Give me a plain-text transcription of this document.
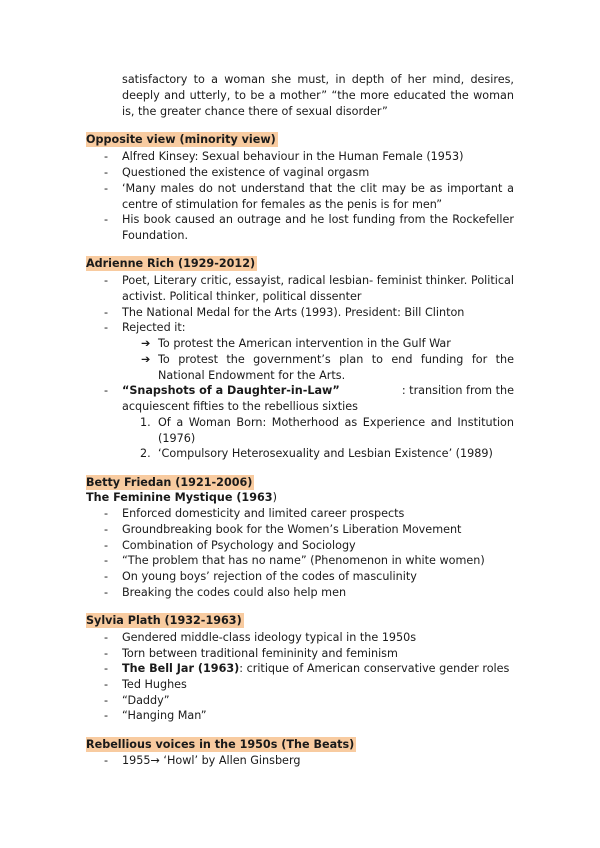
satisfactory to a woman she must, in depth of her mind, desires,
deeply and utterly, to be a mother” “the more educated the woman
is, the greater chance there of sexual disorder”
Opposite view (minority view)
-	Alfred Kinsey: Sexual behaviour in the Human Female (1953)
-	Questioned the existence of vaginal orgasm
-	‘Many males do not understand that the clit may be as important a
centre of stimulation for females as the penis is for men”
-	His book caused an outrage and he lost funding from the Rockefeller
Foundation.
Adrienne Rich (1929-2012)
-	Poet, Literary critic, essayist, radical lesbian- feminist thinker. Political
activist. Political thinker, political dissenter
-	The National Medal for the Arts (1993). President: Bill Clinton
-	Rejected it:
➔ To protest the American intervention in the Gulf War
➔ To protest the government’s plan to end funding for the
National Endowment for the Arts.
-	“Snapshots of a Daughter-in-Law”	: transition from the
acquiescent fifties to the rebellious sixties
1. Of a Woman Born: Motherhood as Experience and Institution
(1976)
2. ‘Compulsory Heterosexuality and Lesbian Existence’ (1989)
Betty Friedan (1921-2006)
The Feminine Mystique (1963)
-	Enforced domesticity and limited career prospects
-	Groundbreaking book for the Women’s Liberation Movement
-	Combination of Psychology and Sociology
-	“The problem that has no name” (Phenomenon in white women)
-	On young boys’ rejection of the codes of masculinity
-	Breaking the codes could also help men
Sylvia Plath (1932-1963)
-	Gendered middle-class ideology typical in the 1950s
-	Torn between traditional femininity and feminism
-	The Bell Jar (1963): critique of American conservative gender roles
-	Ted Hughes
-	“Daddy”
-	“Hanging Man”
Rebellious voices in the 1950s (The Beats)
-	1955→ ‘Howl’ by Allen Ginsberg
